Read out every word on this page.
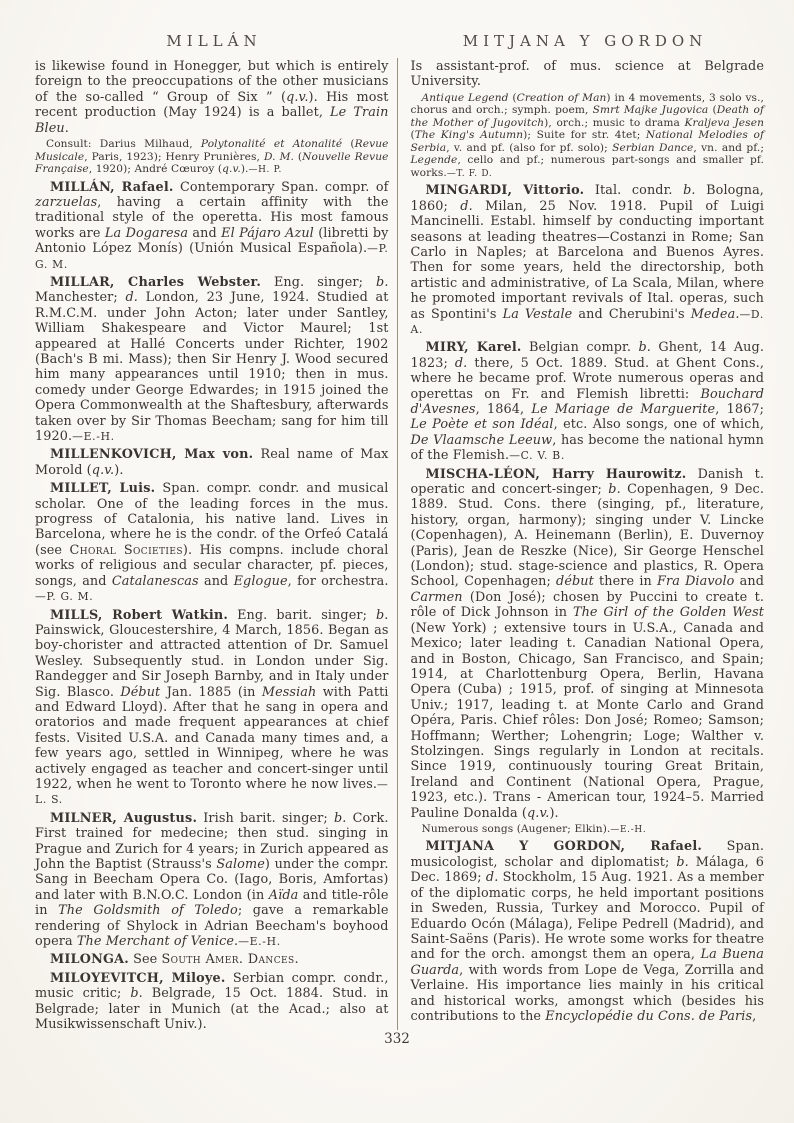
MILLÁN	MITJANA Y GORDON

is likewise found in Honegger, but which is entirely foreign to the preoccupations of the other musicians of the so-called “ Group of Six ” (q.v.). His most recent production (May 1924) is a ballet, Le Train Bleu.

Consult: Darius Milhaud, Polytonalité et Atonalité (Revue Musicale, Paris, 1923); Henry Prunières, D. M. (Nouvelle Revue Française, 1920); André Cœuroy (q.v.).—H. P.

MILLÁN, Rafael. Contemporary Span. compr. of zarzuelas, having a certain affinity with the traditional style of the operetta. His most famous works are La Dogaresa and El Pájaro Azul (libretti by Antonio López Monís) (Unión Musical Española).—P. G. M.

MILLAR, Charles Webster. Eng. singer; b. Manchester; d. London, 23 June, 1924. Studied at R.M.C.M. under John Acton; later under Santley, William Shakespeare and Victor Maurel; 1st appeared at Hallé Concerts under Richter, 1902 (Bach's B mi. Mass); then Sir Henry J. Wood secured him many appearances until 1910; then in mus. comedy under George Edwardes; in 1915 joined the Opera Commonwealth at the Shaftesbury, afterwards taken over by Sir Thomas Beecham; sang for him till 1920.—E.-H.

MILLENKOVICH, Max von. Real name of Max Morold (q.v.).

MILLET, Luis. Span. compr. condr. and musical scholar. One of the leading forces in the mus. progress of Catalonia, his native land. Lives in Barcelona, where he is the condr. of the Orfeó Catalá (see Choral Societies). His compns. include choral works of religious and secular character, pf. pieces, songs, and Catalanescas and Eglogue, for orchestra.—P. G. M.

MILLS, Robert Watkin. Eng. barit. singer; b. Painswick, Gloucestershire, 4 March, 1856. Began as boy-chorister and attracted attention of Dr. Samuel Wesley. Subsequently stud. in London under Sig. Randegger and Sir Joseph Barnby, and in Italy under Sig. Blasco. Début Jan. 1885 (in Messiah with Patti and Edward Lloyd). After that he sang in opera and oratorios and made frequent appearances at chief fests. Visited U.S.A. and Canada many times and, a few years ago, settled in Winnipeg, where he was actively engaged as teacher and concert-singer until 1922, when he went to Toronto where he now lives.—L. S.

MILNER, Augustus. Irish barit. singer; b. Cork. First trained for medecine; then stud. singing in Prague and Zurich for 4 years; in Zurich appeared as John the Baptist (Strauss's Salome) under the compr. Sang in Beecham Opera Co. (Iago, Boris, Amfortas) and later with B.N.O.C. London (in Aïda and title-rôle in The Goldsmith of Toledo; gave a remarkable rendering of Shylock in Adrian Beecham's boyhood opera The Merchant of Venice.—E.-H.

MILONGA. See South Amer. Dances.

MILOYEVITCH, Miloye. Serbian compr. condr., music critic; b. Belgrade, 15 Oct. 1884. Stud. in Belgrade; later in Munich (at the Acad.; also at Musikwissenschaft Univ.).

Is assistant-prof. of mus. science at Belgrade University.

Antique Legend (Creation of Man) in 4 movements, 3 solo vs., chorus and orch.; symph. poem, Smrt Majke Jugovica (Death of the Mother of Jugovitch), orch.; music to drama Kraljeva Jesen (The King's Autumn); Suite for str. 4tet; National Melodies of Serbia, v. and pf. (also for pf. solo); Serbian Dance, vn. and pf.; Legende, cello and pf.; numerous part-songs and smaller pf. works.—T. F. D.

MINGARDI, Vittorio. Ital. condr. b. Bologna, 1860; d. Milan, 25 Nov. 1918. Pupil of Luigi Mancinelli. Establ. himself by conducting important seasons at leading theatres—Costanzi in Rome; San Carlo in Naples; at Barcelona and Buenos Ayres. Then for some years, held the directorship, both artistic and administrative, of La Scala, Milan, where he promoted important revivals of Ital. operas, such as Spontini's La Vestale and Cherubini's Medea.—D. A.

MIRY, Karel. Belgian compr. b. Ghent, 14 Aug. 1823; d. there, 5 Oct. 1889. Stud. at Ghent Cons., where he became prof. Wrote numerous operas and operettas on Fr. and Flemish libretti: Bouchard d'Avesnes, 1864, Le Mariage de Marguerite, 1867; Le Poète et son Idéal, etc. Also songs, one of which, De Vlaamsche Leeuw, has become the national hymn of the Flemish.—C. V. B.

MISCHA-LÉON, Harry Haurowitz. Danish t. operatic and concert-singer; b. Copenhagen, 9 Dec. 1889. Stud. Cons. there (singing, pf., literature, history, organ, harmony); singing under V. Lincke (Copenhagen), A. Heinemann (Berlin), E. Duvernoy (Paris), Jean de Reszke (Nice), Sir George Henschel (London); stud. stage-science and plastics, R. Opera School, Copenhagen; début there in Fra Diavolo and Carmen (Don José); chosen by Puccini to create t. rôle of Dick Johnson in The Girl of the Golden West (New York) ; extensive tours in U.S.A., Canada and Mexico; later leading t. Canadian National Opera, and in Boston, Chicago, San Francisco, and Spain; 1914, at Charlottenburg Opera, Berlin, Havana Opera (Cuba) ; 1915, prof. of singing at Minnesota Univ.; 1917, leading t. at Monte Carlo and Grand Opéra, Paris. Chief rôles: Don José; Romeo; Samson; Hoffmann; Werther; Lohengrin; Loge; Walther v. Stolzingen. Sings regularly in London at recitals. Since 1919, continuously touring Great Britain, Ireland and Continent (National Opera, Prague, 1923, etc.). Trans - American tour, 1924–5. Married Pauline Donalda (q.v.).

Numerous songs (Augener; Elkin).—E.-H.

MITJANA Y GORDON, Rafael. Span. musicologist, scholar and diplomatist; b. Málaga, 6 Dec. 1869; d. Stockholm, 15 Aug. 1921. As a member of the diplomatic corps, he held important positions in Sweden, Russia, Turkey and Morocco. Pupil of Eduardo Ocón (Málaga), Felipe Pedrell (Madrid), and Saint-Saëns (Paris). He wrote some works for theatre and for the orch. amongst them an opera, La Buena Guarda, with words from Lope de Vega, Zorrilla and Verlaine. His importance lies mainly in his critical and historical works, amongst which (besides his contributions to the Encyclopédie du Cons. de Paris,

332
